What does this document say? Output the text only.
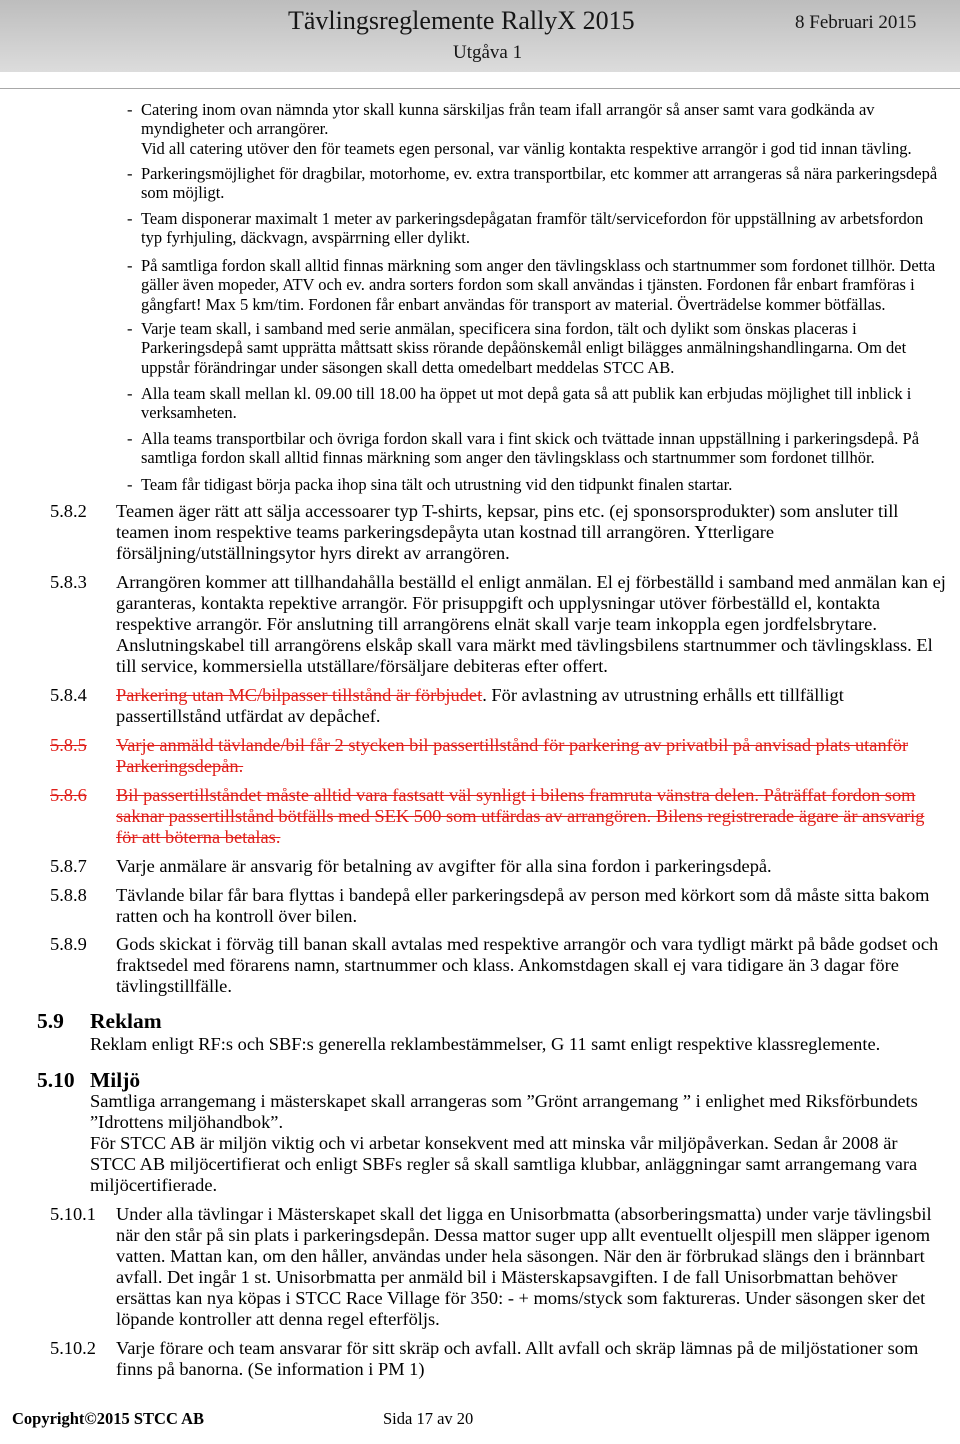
Tävlingsreglemente RallyX 2015	8 Februari 2015
Utgåva 1
- Catering inom ovan nämnda ytor skall kunna särskiljas från team ifall arrangör så anser samt vara godkända av
myndigheter och arrangörer.
Vid all catering utöver den för teamets egen personal, var vänlig kontakta respektive arrangör i god tid innan tävling.
- Parkeringsmöjlighet för dragbilar, motorhome, ev. extra transportbilar, etc kommer att arrangeras så nära parkeringsdepå
som möjligt.
- Team disponerar maximalt 1 meter av parkeringsdepågatan framför tält/servicefordon för uppställning av arbetsfordon
typ fyrhjuling, däckvagn, avspärrning eller dylikt.
- På samtliga fordon skall alltid finnas märkning som anger den tävlingsklass och startnummer som fordonet tillhör. Detta
gäller även mopeder, ATV och ev. andra sorters fordon som skall användas i tjänsten. Fordonen får enbart framföras i
gångfart! Max 5 km/tim. Fordonen får enbart användas för transport av material. Överträdelse kommer bötfällas.
- Varje team skall, i samband med serie anmälan, specificera sina fordon, tält och dylikt som önskas placeras i
Parkeringsdepå samt upprätta måttsatt skiss rörande depåönskemål enligt bilägges anmälningshandlingarna. Om det
uppstår förändringar under säsongen skall detta omedelbart meddelas STCC AB.
- Alla team skall mellan kl. 09.00 till 18.00 ha öppet ut mot depå gata så att publik kan erbjudas möjlighet till inblick i
verksamheten.
- Alla teams transportbilar och övriga fordon skall vara i fint skick och tvättade innan uppställning i parkeringsdepå. På
samtliga fordon skall alltid finnas märkning som anger den tävlingsklass och startnummer som fordonet tillhör.
- Team får tidigast börja packa ihop sina tält och utrustning vid den tidpunkt finalen startar.
5.8.2 Teamen äger rätt att sälja accessoarer typ T-shirts, kepsar, pins etc. (ej sponsorsprodukter) som ansluter till
teamen inom respektive teams parkeringsdepåyta utan kostnad till arrangören. Ytterligare
försäljning/utställningsytor hyrs direkt av arrangören.
5.8.3 Arrangören kommer att tillhandahålla beställd el enligt anmälan. El ej förbeställd i samband med anmälan kan ej
garanteras, kontakta repektive arrangör. För prisuppgift och upplysningar utöver förbeställd el, kontakta
respektive arrangör. För anslutning till arrangörens elnät skall varje team inkoppla egen jordfelsbrytare.
Anslutningskabel till arrangörens elskåp skall vara märkt med tävlingsbilens startnummer och tävlingsklass. El
till service, kommersiella utställare/försäljare debiteras efter offert.
5.8.4 Parkering utan MC/bilpasser tillstånd är förbjudet. För avlastning av utrustning erhålls ett tillfälligt
passertillstånd utfärdat av depåchef.
5.8.5 Varje anmäld tävlande/bil får 2 stycken bil passertillstånd för parkering av privatbil på anvisad plats utanför
Parkeringsdepån.
5.8.6 Bil passertillståndet måste alltid vara fastsatt väl synligt i bilens framruta vänstra delen. Påträffat fordon som
saknar passertillstånd bötfälls med SEK 500 som utfärdas av arrangören. Bilens registrerade ägare är ansvarig
för att böterna betalas.
5.8.7 Varje anmälare är ansvarig för betalning av avgifter för alla sina fordon i parkeringsdepå.
5.8.8 Tävlande bilar får bara flyttas i bandepå eller parkeringsdepå av person med körkort som då måste sitta bakom
ratten och ha kontroll över bilen.
5.8.9 Gods skickat i förväg till banan skall avtalas med respektive arrangör och vara tydligt märkt på både godset och
fraktsedel med förarens namn, startnummer och klass. Ankomstdagen skall ej vara tidigare än 3 dagar före
tävlingstillfälle.
5.9 Reklam
Reklam enligt RF:s och SBF:s generella reklambestämmelser, G 11 samt enligt respektive klassreglemente.
5.10 Miljö
Samtliga arrangemang i mästerskapet skall arrangeras som ”Grönt arrangemang ” i enlighet med Riksförbundets
”Idrottens miljöhandbok”.
För STCC AB är miljön viktig och vi arbetar konsekvent med att minska vår miljöpåverkan. Sedan år 2008 är
STCC AB miljöcertifierat och enligt SBFs regler så skall samtliga klubbar, anläggningar samt arrangemang vara
miljöcertifierade.
5.10.1 Under alla tävlingar i Mästerskapet skall det ligga en Unisorbmatta (absorberingsmatta) under varje tävlingsbil
när den står på sin plats i parkeringsdepån. Dessa mattor suger upp allt eventuellt oljespill men släpper igenom
vatten. Mattan kan, om den håller, användas under hela säsongen. När den är förbrukad slängs den i brännbart
avfall. Det ingår 1 st. Unisorbmatta per anmäld bil i Mästerskapsavgiften. I de fall Unisorbmattan behöver
ersättas kan nya köpas i STCC Race Village för 350: - + moms/styck som faktureras. Under säsongen sker det
löpande kontroller att denna regel efterföljs.
5.10.2 Varje förare och team ansvarar för sitt skräp och avfall. Allt avfall och skräp lämnas på de miljöstationer som
finns på banorna. (Se information i PM 1)
Copyright©2015 STCC AB	Sida 17 av 20
